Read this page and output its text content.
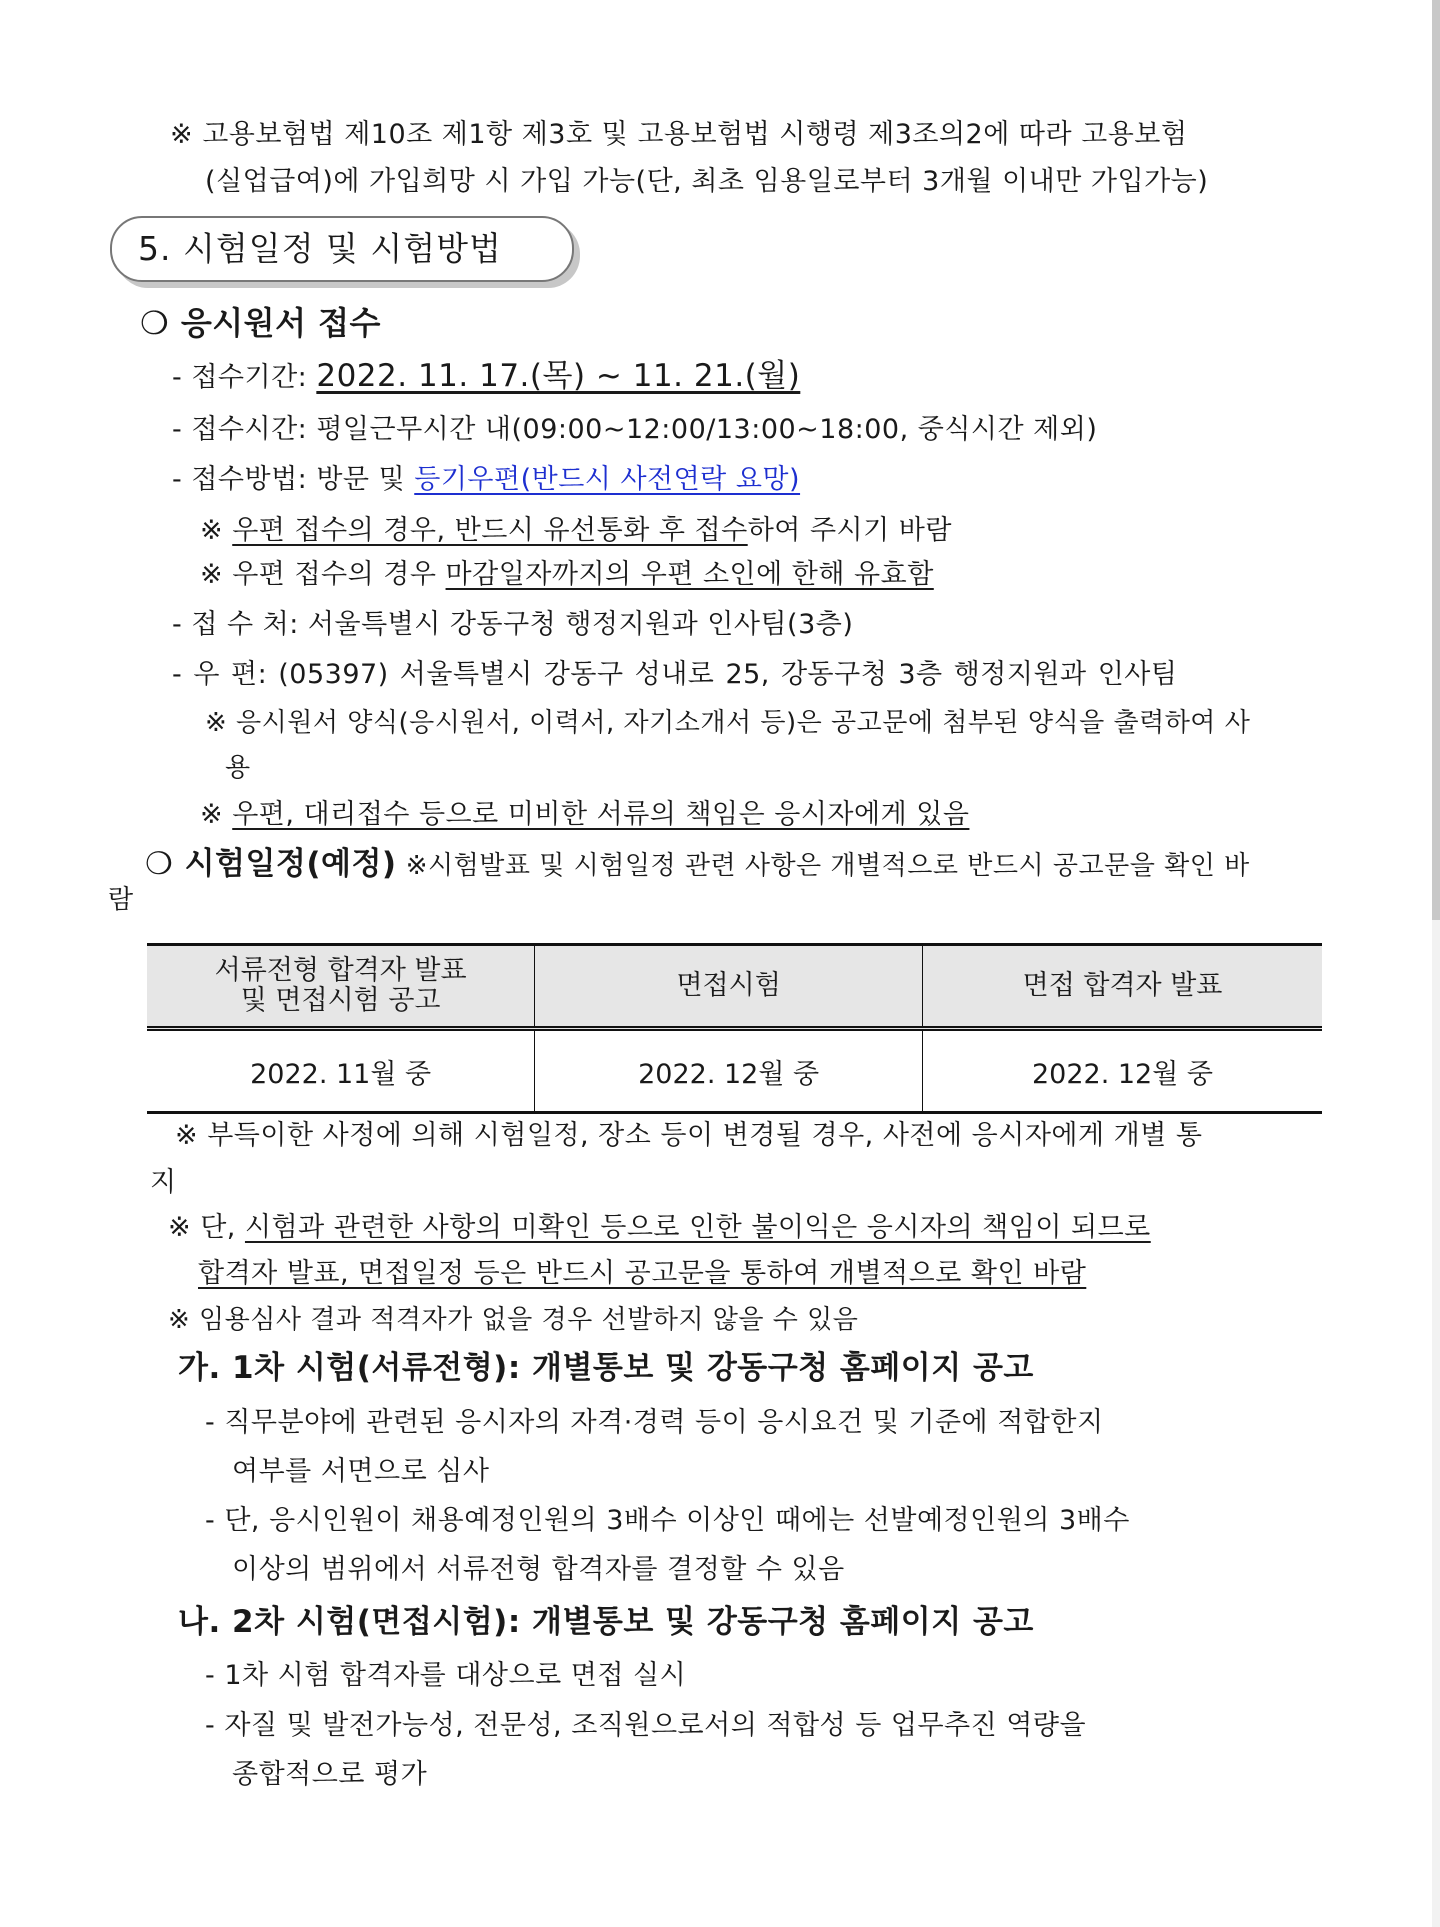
※ 고용보험법 제10조 제1항 제3호 및 고용보험법 시행령 제3조의2에 따라 고용보험
(실업급여)에 가입희망 시 가입 가능(단, 최초 임용일로부터 3개월 이내만 가입가능)
5. 시험일정 및 시험방법
❍ 응시원서 접수
- 접수기간: 2022. 11. 17.(목) ~ 11. 21.(월)
- 접수시간: 평일근무시간 내(09:00~12:00/13:00~18:00, 중식시간 제외)
- 접수방법: 방문 및 등기우편(반드시 사전연락 요망)
※ 우편 접수의 경우, 반드시 유선통화 후 접수하여 주시기 바람
※ 우편 접수의 경우 마감일자까지의 우편 소인에 한해 유효함
- 접 수 처: 서울특별시 강동구청 행정지원과 인사팀(3층)
- 우 편: (05397) 서울특별시 강동구 성내로 25, 강동구청 3층 행정지원과 인사팀
※ 응시원서 양식(응시원서, 이력서, 자기소개서 등)은 공고문에 첨부된 양식을 출력하여 사
용
※ 우편, 대리접수 등으로 미비한 서류의 책임은 응시자에게 있음
❍ 시험일정(예정) ※시험발표 및 시험일정 관련 사항은 개별적으로 반드시 공고문을 확인 바
람
서류전형 합격자 발표
및 면접시험 공고	면접시험	면접 합격자 발표
2022. 11월 중	2022. 12월 중	2022. 12월 중
※ 부득이한 사정에 의해 시험일정, 장소 등이 변경될 경우, 사전에 응시자에게 개별 통
지
※ 단, 시험과 관련한 사항의 미확인 등으로 인한 불이익은 응시자의 책임이 되므로
합격자 발표, 면접일정 등은 반드시 공고문을 통하여 개별적으로 확인 바람
※ 임용심사 결과 적격자가 없을 경우 선발하지 않을 수 있음
가. 1차 시험(서류전형): 개별통보 및 강동구청 홈페이지 공고
- 직무분야에 관련된 응시자의 자격·경력 등이 응시요건 및 기준에 적합한지
여부를 서면으로 심사
- 단, 응시인원이 채용예정인원의 3배수 이상인 때에는 선발예정인원의 3배수
이상의 범위에서 서류전형 합격자를 결정할 수 있음
나. 2차 시험(면접시험): 개별통보 및 강동구청 홈페이지 공고
- 1차 시험 합격자를 대상으로 면접 실시
- 자질 및 발전가능성, 전문성, 조직원으로서의 적합성 등 업무추진 역량을
종합적으로 평가
